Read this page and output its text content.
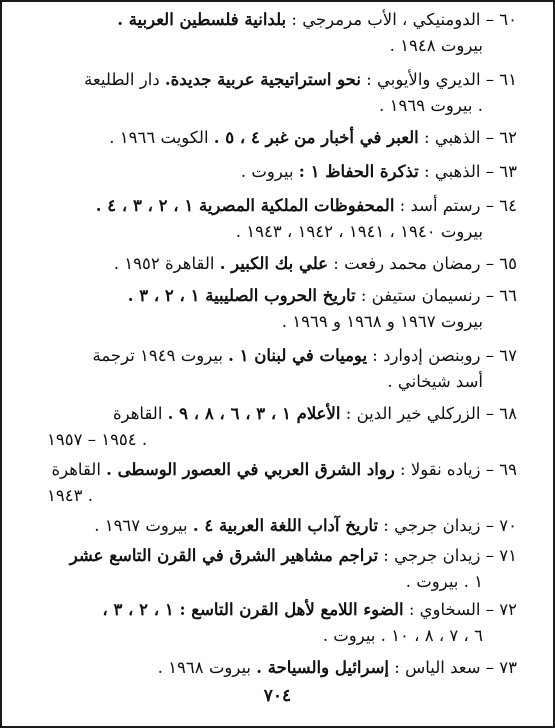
٦٠ – الدومنيكي ، الأب مرمرجي : بلدانية فلسطين العربية .
بيروت ١٩٤٨ .
٦١ – الديري والأيوبي : نحو استراتيجية عربية جديدة. دار الطليعة
. بيروت ١٩٦٩ .
٦٢ – الذهبي : العبر في أخبار من غبر ٤ ، ٥ . الكويت ١٩٦٦ .
٦٣ – الذهبي : تذكرة الحفاظ ١ : بيروت .
٦٤ – رستم أسد : المحفوظات الملكية المصرية ١ ، ٢ ، ٣ ، ٤ .
بيروت ١٩٤٠ ، ١٩٤١ ، ١٩٤٢ ، ١٩٤٣ .
٦٥ – رمضان محمد رفعت : علي بك الكبير . القاهرة ١٩٥٢ .
٦٦ – رنسيمان ستيفن : تاريخ الحروب الصليبية ١ ، ٢ ، ٣ .
بيروت ١٩٦٧ و ١٩٦٨ و ١٩٦٩ .
٦٧ – روبنصن إدوارد : يوميات في لبنان ١ . بيروت ١٩٤٩ ترجمة
أسد شيخاني .
٦٨ – الزركلي خير الدين : الأعلام ١ ، ٣ ، ٦ ، ٨ ، ٩ . القاهرة
١٩٥٤ – ١٩٥٧ .
٦٩ – زياده نقولا : رواد الشرق العربي في العصور الوسطى . القاهرة
١٩٤٣ .
٧٠ – زيدان جرجي : تاريخ آداب اللغة العربية ٤ . بيروت ١٩٦٧ .
٧١ – زيدان جرجي : تراجم مشاهير الشرق في القرن التاسع عشر
١ . بيروت .
٧٢ – السخاوي : الضوء اللامع لأهل القرن التاسع : ١ ، ٢ ، ٣ ،
٦ ، ٧ ، ٨ ، ١٠ . بيروت .
٧٣ – سعد الياس : إسرائيل والسياحة . بيروت ١٩٦٨ .
٧٠٤
